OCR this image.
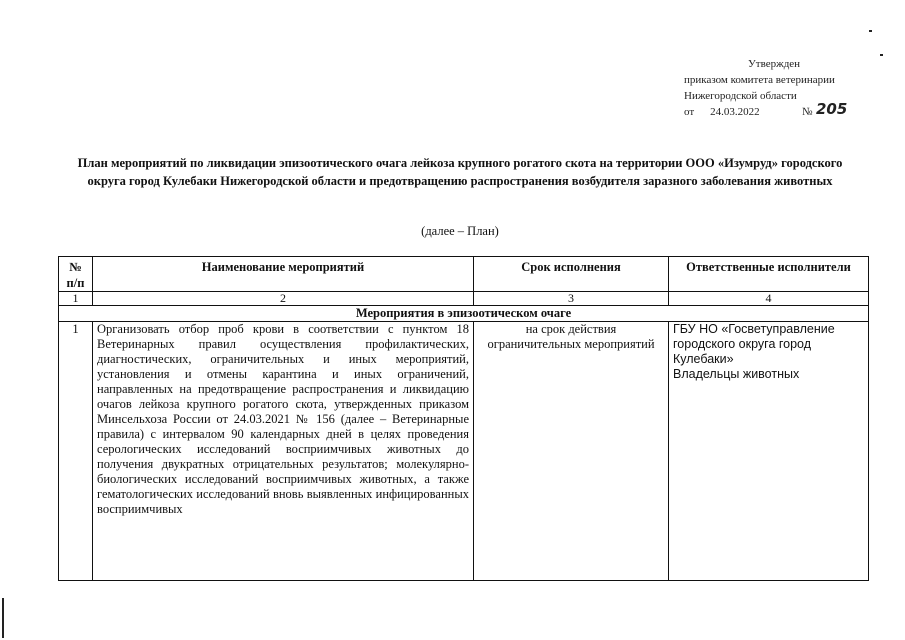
Утвержден
приказом комитета ветеринарии
Нижегородской области
от 24.03.2022	№ 205
План мероприятий по ликвидации эпизоотического очага лейкоза крупного рогатого скота на территории ООО «Изумруд» городского округа город Кулебаки Нижегородской области и предотвращению распространения возбудителя заразного заболевания животных
(далее – План)
№ п/п	Наименование мероприятий	Срок исполнения	Ответственные исполнители
1	2	3	4
Мероприятия в эпизоотическом очаге			
1	Организовать отбор проб крови в соответствии с пунктом 18 Ветеринарных правил осуществления профилактических, диагностических, ограничительных и иных мероприятий, установления и отмены карантина и иных ограничений, направленных на предотвращение распространения и ликвидацию очагов лейкоза крупного рогатого скота, утвержденных приказом Минсельхоза России от 24.03.2021 № 156 (далее – Ветеринарные правила) с интервалом 90 календарных дней в целях проведения серологических исследований восприимчивых животных до получения двукратных отрицательных результатов; молекулярно-биологических исследований восприимчивых животных, а также гематологических исследований вновь выявленных инфицированных восприимчивых	на срок действия ограничительных мероприятий	ГБУ НО «Госветуправление городского округа город Кулебаки»
Владельцы животных
